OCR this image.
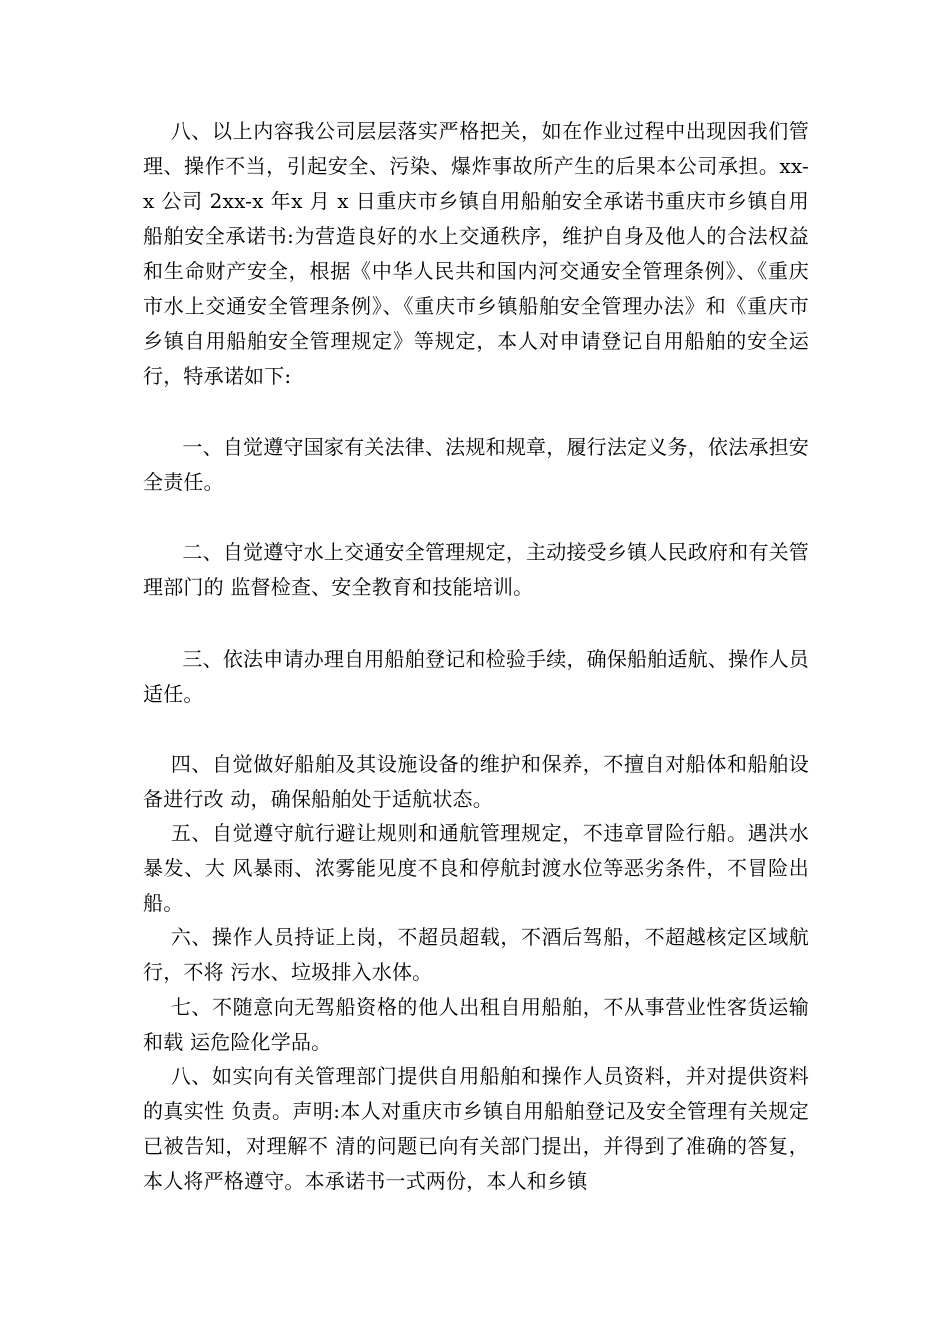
八、以上内容我公司层层落实严格把关，如在作业过程中出现因我们管理、操作不当，引起安全、污染、爆炸事故所产生的后果本公司承担。xx-x 公司 2xx-x 年x 月 x 日重庆市乡镇自用船舶安全承诺书重庆市乡镇自用船舶安全承诺书:为营造良好的水上交通秩序，维护自身及他人的合法权益和生命财产安全，根据《中华人民共和国内河交通安全管理条例》、《重庆市水上交通安全管理条例》、《重庆市乡镇船舶安全管理办法》和《重庆市乡镇自用船舶安全管理规定》等规定，本人对申请登记自用船舶的安全运行，特承诺如下:

一、自觉遵守国家有关法律、法规和规章，履行法定义务，依法承担安全责任。

二、自觉遵守水上交通安全管理规定，主动接受乡镇人民政府和有关管理部门的 监督检查、安全教育和技能培训。

三、依法申请办理自用船舶登记和检验手续，确保船舶适航、操作人员适任。

四、自觉做好船舶及其设施设备的维护和保养，不擅自对船体和船舶设备进行改 动，确保船舶处于适航状态。

五、自觉遵守航行避让规则和通航管理规定，不违章冒险行船。遇洪水暴发、大 风暴雨、浓雾能见度不良和停航封渡水位等恶劣条件，不冒险出船。

六、操作人员持证上岗，不超员超载，不酒后驾船，不超越核定区域航行，不将 污水、垃圾排入水体。

七、不随意向无驾船资格的他人出租自用船舶，不从事营业性客货运输和载 运危险化学品。

八、如实向有关管理部门提供自用船舶和操作人员资料，并对提供资料的真实性 负责。声明:本人对重庆市乡镇自用船舶登记及安全管理有关规定已被告知，对理解不 清的问题已向有关部门提出，并得到了准确的答复，本人将严格遵守。本承诺书一式两份，本人和乡镇
